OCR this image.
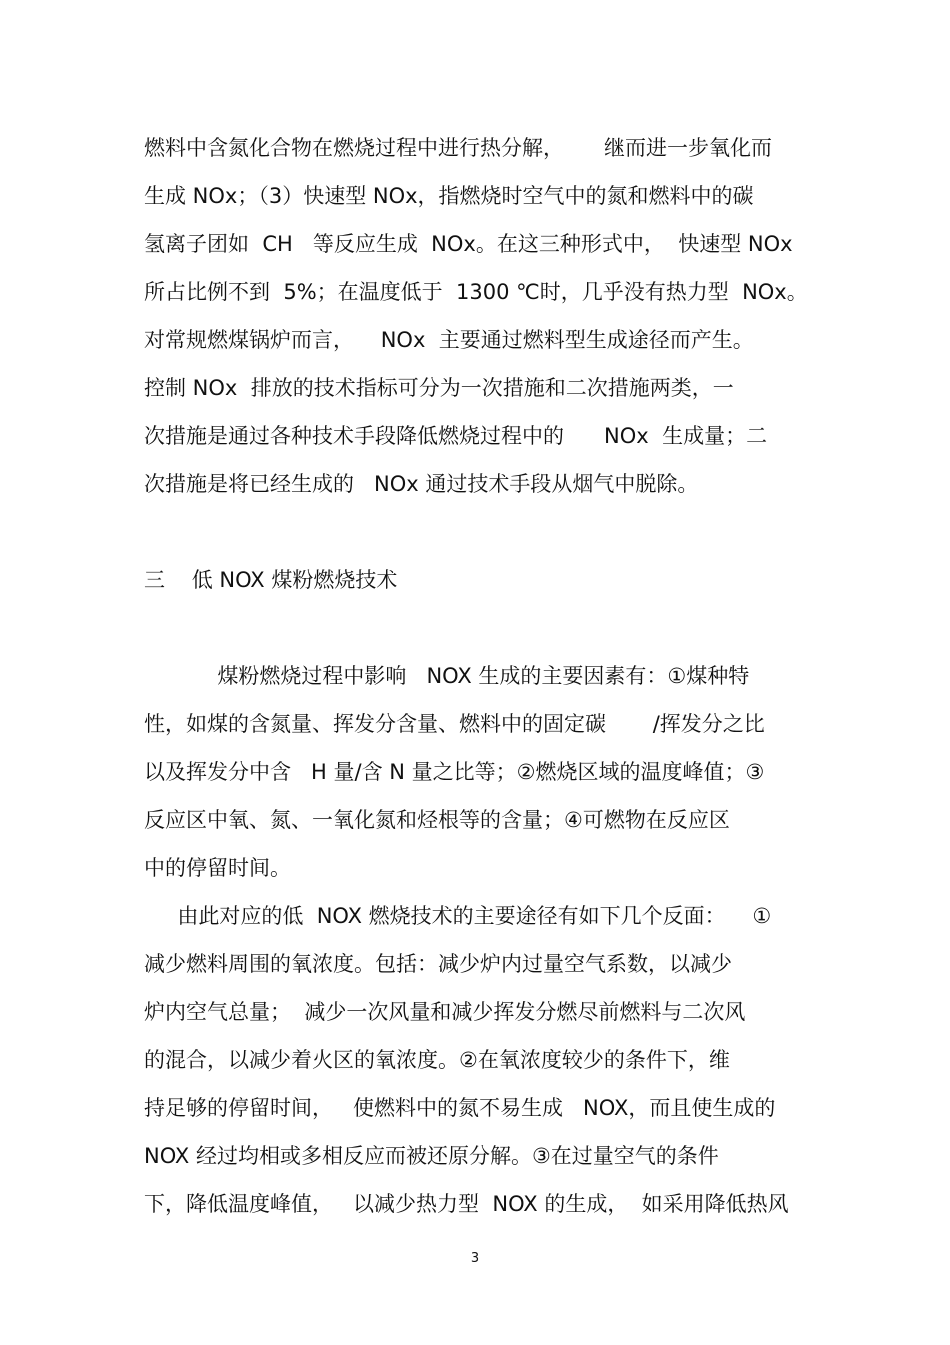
燃料中含氮化合物在燃烧过程中进行热分解，      继而进一步氧化而
生成 NOx；（3）快速型 NOx，指燃烧时空气中的氮和燃料中的碳
氢离子团如  CH   等反应生成  NOx。在这三种形式中，  快速型 NOx
所占比例不到  5%；在温度低于  1300 ℃时，几乎没有热力型  NOx。
对常规燃煤锅炉而言，    NOx  主要通过燃料型生成途径而产生。
控制 NOx  排放的技术指标可分为一次措施和二次措施两类，一
次措施是通过各种技术手段降低燃烧过程中的      NOx  生成量；二
次措施是将已经生成的   NOx 通过技术手段从烟气中脱除。
三    低 NOX 煤粉燃烧技术
煤粉燃烧过程中影响   NOX 生成的主要因素有：①煤种特
性，如煤的含氮量、挥发分含量、燃料中的固定碳       /挥发分之比
以及挥发分中含   H 量/含 N 量之比等；②燃烧区域的温度峰值；③
反应区中氧、氮、一氧化氮和烃根等的含量；④可燃物在反应区
中的停留时间。
由此对应的低  NOX 燃烧技术的主要途径有如下几个反面：    ①
减少燃料周围的氧浓度。包括：减少炉内过量空气系数，以减少
炉内空气总量；  减少一次风量和减少挥发分燃尽前燃料与二次风
的混合，以减少着火区的氧浓度。②在氧浓度较少的条件下，维
持足够的停留时间，   使燃料中的氮不易生成   NOX，而且使生成的
NOX 经过均相或多相反应而被还原分解。③在过量空气的条件
下，降低温度峰值，   以减少热力型  NOX 的生成，  如采用降低热风
3
